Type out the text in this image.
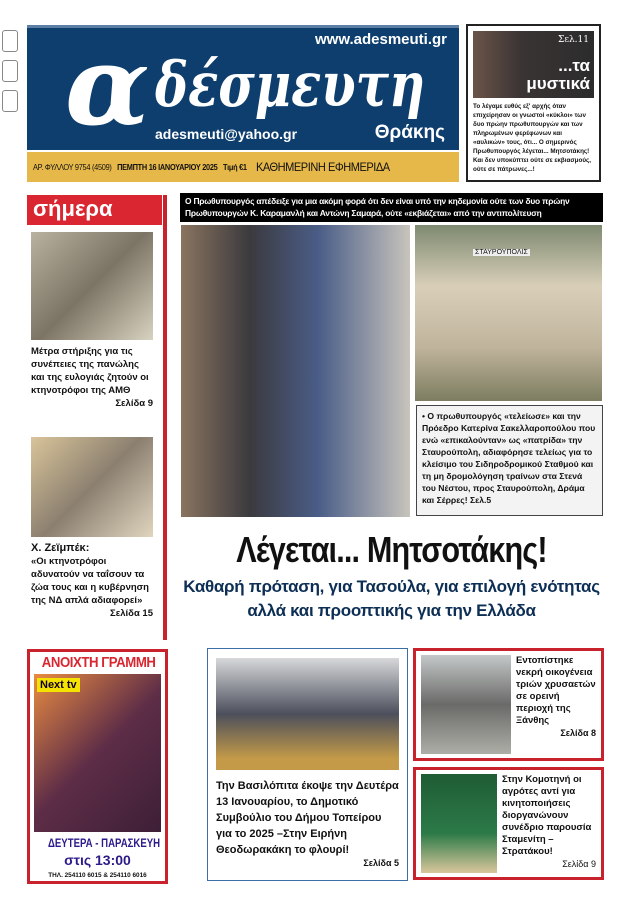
α δέσμευτη
www.adesmeuti.gr
adesmeuti@yahoo.gr	Θράκης
ΑΡ. ΦΥΛΛΟΥ 9754 (4509) ΠΕΜΠΤΗ 16 ΙΑΝΟΥΑΡΙΟΥ 2025 Τιμή €1 ΚΑΘΗΜΕΡΙΝΗ ΕΦΗΜΕΡΙΔΑ
Σελ.11
...τα μυστικά

Το λέγαμε ευθύς εξ' αρχής όταν επιχείρησαν οι γνωστοί «κύκλοι» των δυο πρώην πρωθυπουργών και των πληρωμένων φερέφωνων και «αυλικών» τους, ότι... Ο σημερινός Πρωθυπουργός λέγεται... Μητσοτάκης! Και δεν υποκύπτει ούτε σε εκβιασμούς, ούτε σε πάτρωνες...!

σήμερα
Μέτρα στήριξης για τις συνέπειες της πανώλης και της ευλογιάς ζητούν οι κτηνοτρόφοι της ΑΜΘ
Σελίδα 9
Χ. Ζεϊμπέκ:
«Οι κτηνοτρόφοι αδυνατούν να ταΐσουν τα ζώα τους και η κυβέρνηση της ΝΔ απλά αδιαφορεί»
Σελίδα 15
Ο Πρωθυπουργός απέδειξε για μια ακόμη φορά ότι δεν είναι υπό την κηδεμονία ούτε των δυο πρώην Πρωθυπουργών Κ. Καραμανλή και Αντώνη Σαμαρά, ούτε «εκβιάζεται» από την αντιπολίτευση
ΣΤΑΥΡΟΥΠΟΛΙΣ
• Ο πρωθυπουργός «τελείωσε» και την Πρόεδρο Κατερίνα Σακελλαροπούλου που ενώ «επικαλούνταν» ως «πατρίδα» την Σταυρούπολη, αδιαφόρησε τελείως για το κλείσιμο του Σιδηροδρομικού Σταθμού και τη μη δρομολόγηση τραίνων στα Στενά του Νέστου, προς Σταυρούπολη, Δράμα και Σέρρες! Σελ.5
Λέγεται... Μητσοτάκης!
Καθαρή πρόταση, για Τασούλα, για επιλογή ενότητας αλλά και προοπτικής για την Ελλάδα
ΑΝΟΙΧΤΗ ΓΡΑΜΜΗ
Next tv
ΔΕΥΤΕΡΑ - ΠΑΡΑΣΚΕΥΗ
στις 13:00
ΤΗΛ. 254110 6015 & 254110 6016

Την Βασιλόπιτα έκοψε την Δευτέρα 13 Ιανουαρίου, το Δημοτικό Συμβούλιο του Δήμου Τοπείρου για το 2025 –Στην Ειρήνη Θεοδωρακάκη το φλουρί!

Σελίδα 5

Εντοπίστηκε νεκρή οικογένεια τριών χρυσαετών σε ορεινή περιοχή της Ξάνθης
Σελίδα 8

Στην Κομοτηνή οι αγρότες αντί για κινητοποιήσεις διοργανώνουν συνέδριο παρουσία Σταμενίτη – Στρατάκου!
Σελίδα 9
